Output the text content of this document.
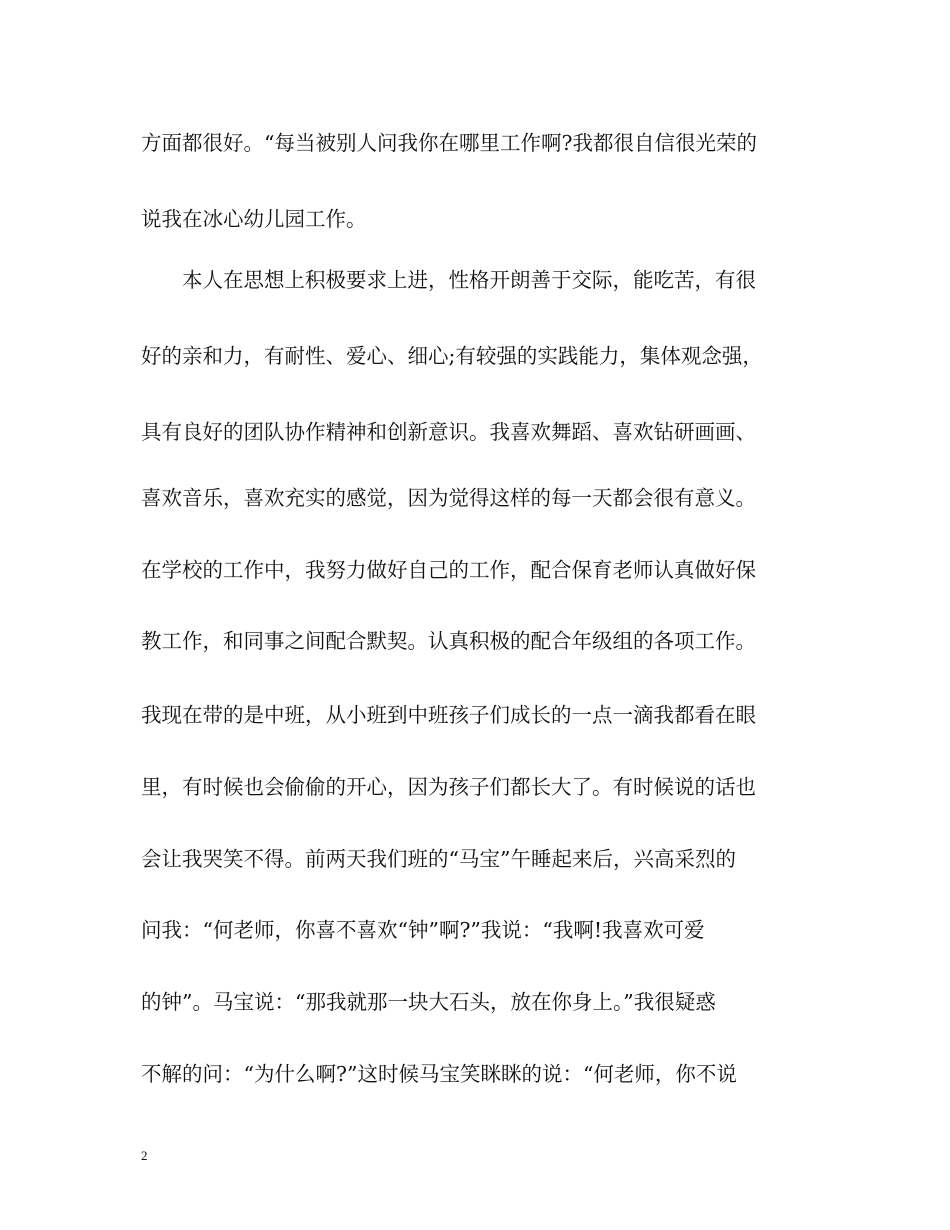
方面都很好。“每当被别人问我你在哪里工作啊?我都很自信很光荣的
说我在冰心幼儿园工作。
本人在思想上积极要求上进，性格开朗善于交际，能吃苦，有很
好的亲和力，有耐性、爱心、细心;有较强的实践能力，集体观念强，
具有良好的团队协作精神和创新意识。我喜欢舞蹈、喜欢钻研画画、
喜欢音乐，喜欢充实的感觉，因为觉得这样的每一天都会很有意义。
在学校的工作中，我努力做好自己的工作，配合保育老师认真做好保
教工作，和同事之间配合默契。认真积极的配合年级组的各项工作。
我现在带的是中班，从小班到中班孩子们成长的一点一滴我都看在眼
里，有时候也会偷偷的开心，因为孩子们都长大了。有时候说的话也
会让我哭笑不得。前两天我们班的“马宝”午睡起来后，兴高采烈的
问我：“何老师，你喜不喜欢“钟”啊?”我说：“我啊!我喜欢可爱
的钟”。马宝说：“那我就那一块大石头，放在你身上。”我很疑惑
不解的问：“为什么啊?”这时候马宝笑眯眯的说：“何老师，你不说
2
